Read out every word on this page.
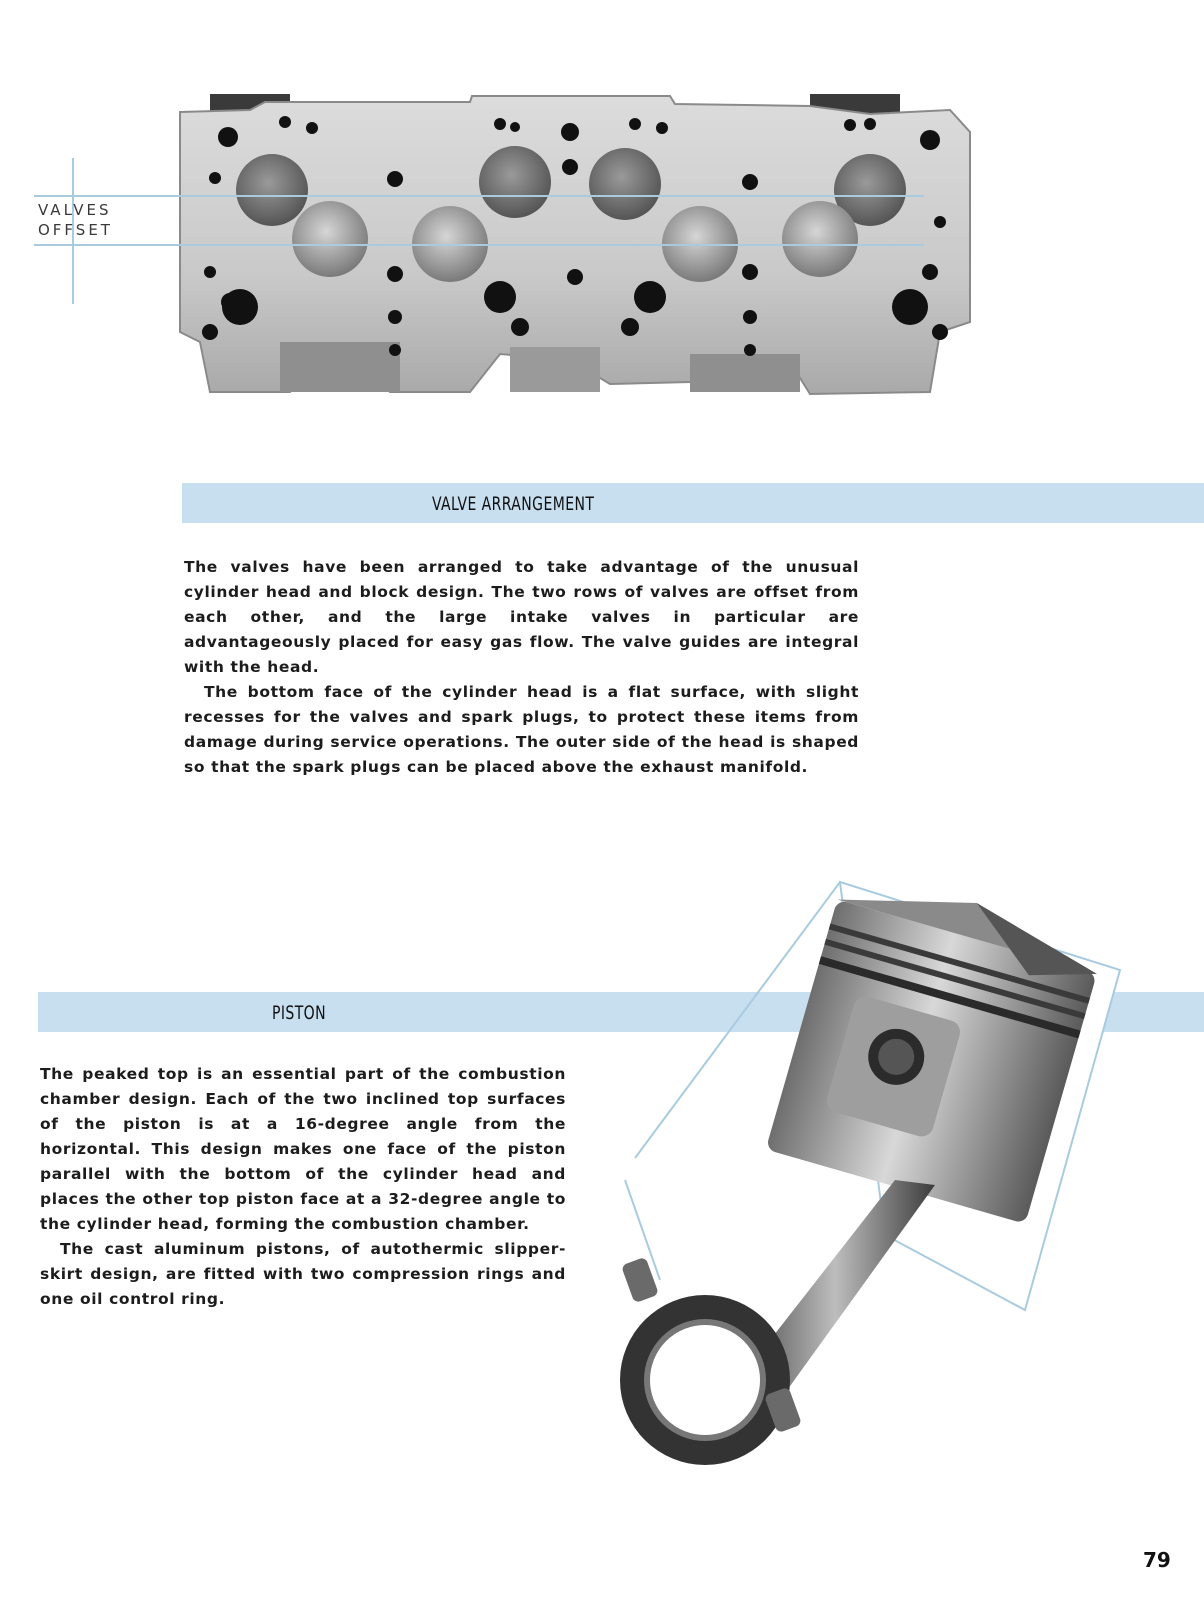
VALVES
OFFSET
VALVE ARRANGEMENT

The valves have been arranged to take advantage of the unusual cylinder head and block design. The two rows of valves are offset from each other, and the large intake valves in particular are advantageously placed for easy gas flow. The valve guides are integral with the head.

The bottom face of the cylinder head is a flat surface, with slight recesses for the valves and spark plugs, to protect these items from damage during service operations. The outer side of the head is shaped so that the spark plugs can be placed above the exhaust manifold.

PISTON

The peaked top is an essential part of the combustion chamber design. Each of the two inclined top surfaces of the piston is at a 16-degree angle from the horizontal. This design makes one face of the piston parallel with the bottom of the cylinder head and places the other top piston face at a 32-degree angle to the cylinder head, forming the combustion chamber.

The cast aluminum pistons, of autothermic slipper-skirt design, are fitted with two compression rings and one oil control ring.

79
